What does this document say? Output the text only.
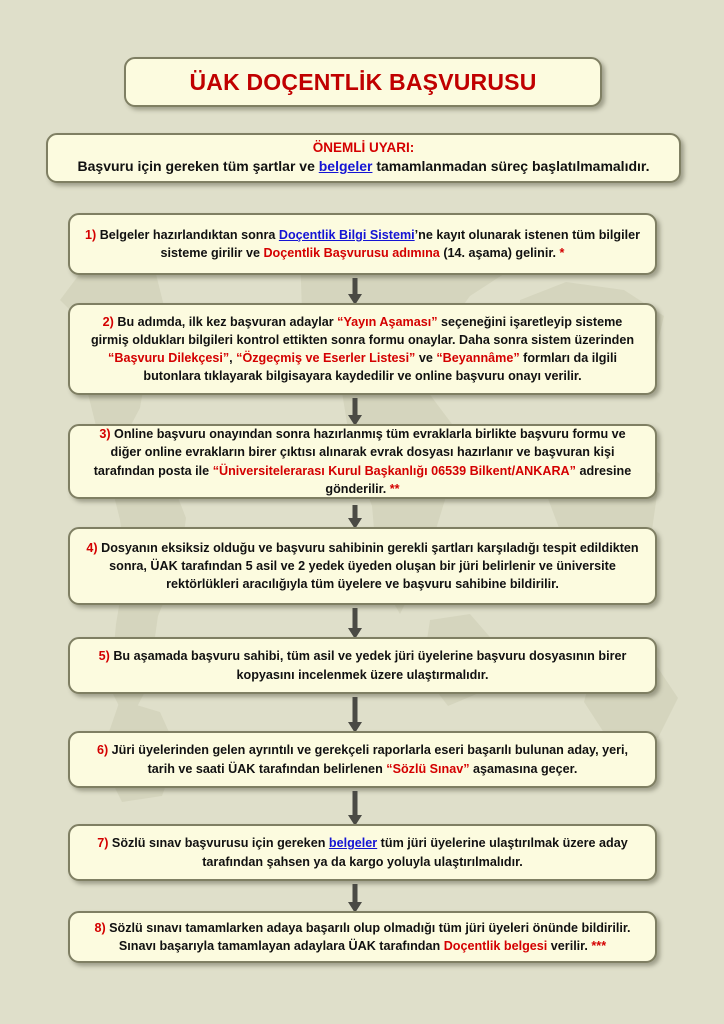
ÜAK DOÇENTLİK BAŞVURUSU
ÖNEMLİ UYARI:
Başvuru için gereken tüm şartlar ve belgeler tamamlanmadan süreç başlatılmamalıdır.
1) Belgeler hazırlandıktan sonra Doçentlik Bilgi Sistemi’ne kayıt olunarak istenen tüm bilgiler sisteme girilir ve Doçentlik Başvurusu adımına (14. aşama) gelinir. *
2) Bu adımda, ilk kez başvuran adaylar “Yayın Aşaması” seçeneğini işaretleyip sisteme girmiş oldukları bilgileri kontrol ettikten sonra formu onaylar. Daha sonra sistem üzerinden “Başvuru Dilekçesi”, “Özgeçmiş ve Eserler Listesi” ve “Beyannâme” formları da ilgili butonlara tıklayarak bilgisayara kaydedilir ve online başvuru onayı verilir.
3) Online başvuru onayından sonra hazırlanmış tüm evraklarla birlikte başvuru formu ve diğer online evrakların birer çıktısı alınarak evrak dosyası hazırlanır ve başvuran kişi tarafından posta ile “Üniversitelerarası Kurul Başkanlığı 06539 Bilkent/ANKARA” adresine gönderilir. **
4) Dosyanın eksiksiz olduğu ve başvuru sahibinin gerekli şartları karşıladığı tespit edildikten sonra, ÜAK tarafından 5 asil ve 2 yedek üyeden oluşan bir jüri belirlenir ve üniversite rektörlükleri aracılığıyla tüm üyelere ve başvuru sahibine bildirilir.
5) Bu aşamada başvuru sahibi, tüm asil ve yedek jüri üyelerine başvuru dosyasının birer kopyasını incelenmek üzere ulaştırmalıdır.
6) Jüri üyelerinden gelen ayrıntılı ve gerekçeli raporlarla eseri başarılı bulunan aday, yeri, tarih ve saati ÜAK tarafından belirlenen “Sözlü Sınav” aşamasına geçer.
7) Sözlü sınav başvurusu için gereken belgeler tüm jüri üyelerine ulaştırılmak üzere aday tarafından şahsen ya da kargo yoluyla ulaştırılmalıdır.
8) Sözlü sınavı tamamlarken adaya başarılı olup olmadığı tüm jüri üyeleri önünde bildirilir. Sınavı başarıyla tamamlayan adaylara ÜAK tarafından Doçentlik belgesi verilir. ***
